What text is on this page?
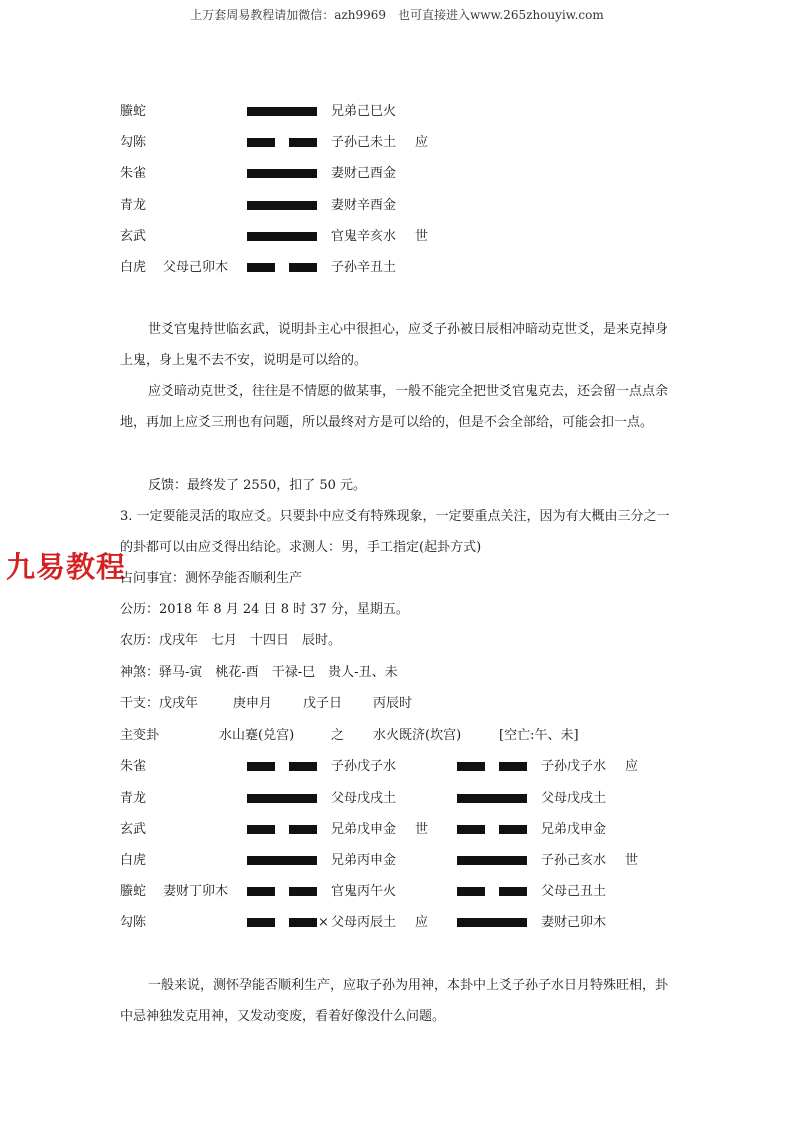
上万套周易教程请加微信：azh9969　也可直接进入www.265zhouyiw.com
螣蛇	兄弟己巳火
勾陈	子孙己未土 应
朱雀	妻财己酉金
青龙	妻财辛酉金
玄武	官鬼辛亥水 世
白虎 父母己卯木	子孙辛丑土
世爻官鬼持世临玄武，说明卦主心中很担心，应爻子孙被日辰相冲暗动克世爻，是来克掉身上鬼，身上鬼不去不安，说明是可以给的。
应爻暗动克世爻，往往是不情愿的做某事，一般不能完全把世爻官鬼克去，还会留一点点余地，再加上应爻三刑也有问题，所以最终对方是可以给的，但是不会全部给，可能会扣一点。
反馈：最终发了 2550，扣了 50 元。
3. 一定要能灵活的取应爻。只要卦中应爻有特殊现象，一定要重点关注，因为有大概由三分之一的卦都可以由应爻得出结论。求测人：男，手工指定(起卦方式)
九易教程
占问事宜：测怀孕能否顺利生产
公历：2018 年 8 月 24 日 8 时 37 分，星期五。
农历：戊戌年　七月　十四日　辰时。
神煞：驿马-寅　桃花-酉　干禄-巳　贵人-丑、未
干支：戊戌年	庚申月 戊子日 丙辰时
主变卦	水山蹇(兑宫)	之 水火既济(坎宫)	[空亡:午、未]
朱雀	子孙戊子水	子孙戊子水 应
青龙	父母戊戌土	父母戊戌土
玄武	兄弟戊申金 世	兄弟戊申金
白虎	兄弟丙申金	子孙己亥水 世
螣蛇 妻财丁卯木	官鬼丙午火	父母己丑土
勾陈	× 父母丙辰土 应	妻财己卯木
一般来说，测怀孕能否顺利生产，应取子孙为用神，本卦中上爻子孙子水日月特殊旺相，卦中忌神独发克用神，又发动变废，看着好像没什么问题。
